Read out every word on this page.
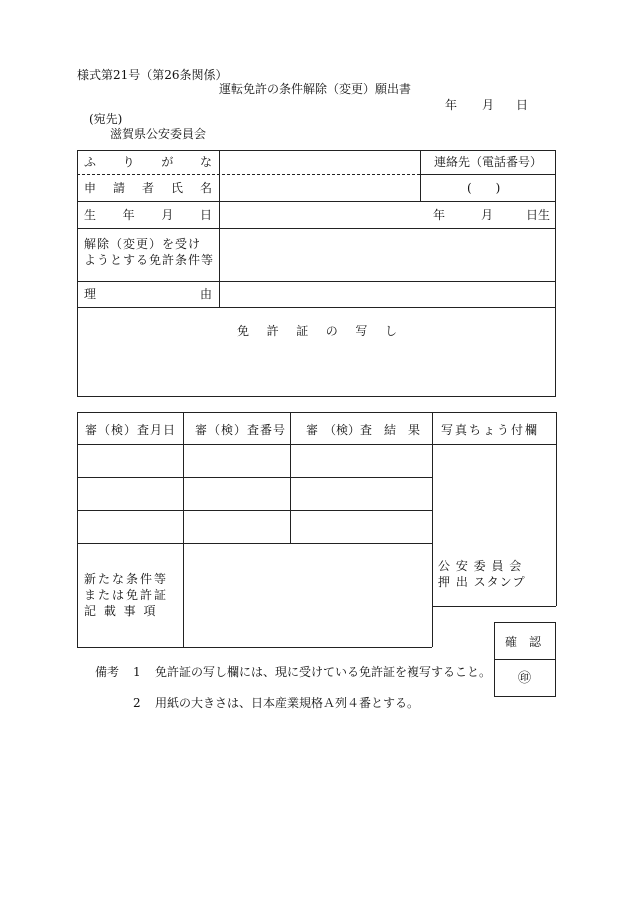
様式第21号（第26条関係）
運転免許の条件解除（変更）願出書
年 月 日
(宛先)
滋賀県公安委員会
ふ り が な	連絡先（電話番号）
申 請 者 氏 名	(　　)
生 年 月 日	年	月	日生
解除（変更）を受け
ようとする免許条件等
理	由
免 許 証 の 写 し
審（検）査月日 審（検）査番号 審　（検）査　結　果 写真ちょう付欄
公 安 委 員 会
押 出 スタンプ
新たな条件等
または免許証
記 載 事 項
確　認
㊞
備考 1 免許証の写し欄には、現に受けている免許証を複写すること。
2 用紙の大きさは、日本産業規格Ａ列４番とする。
